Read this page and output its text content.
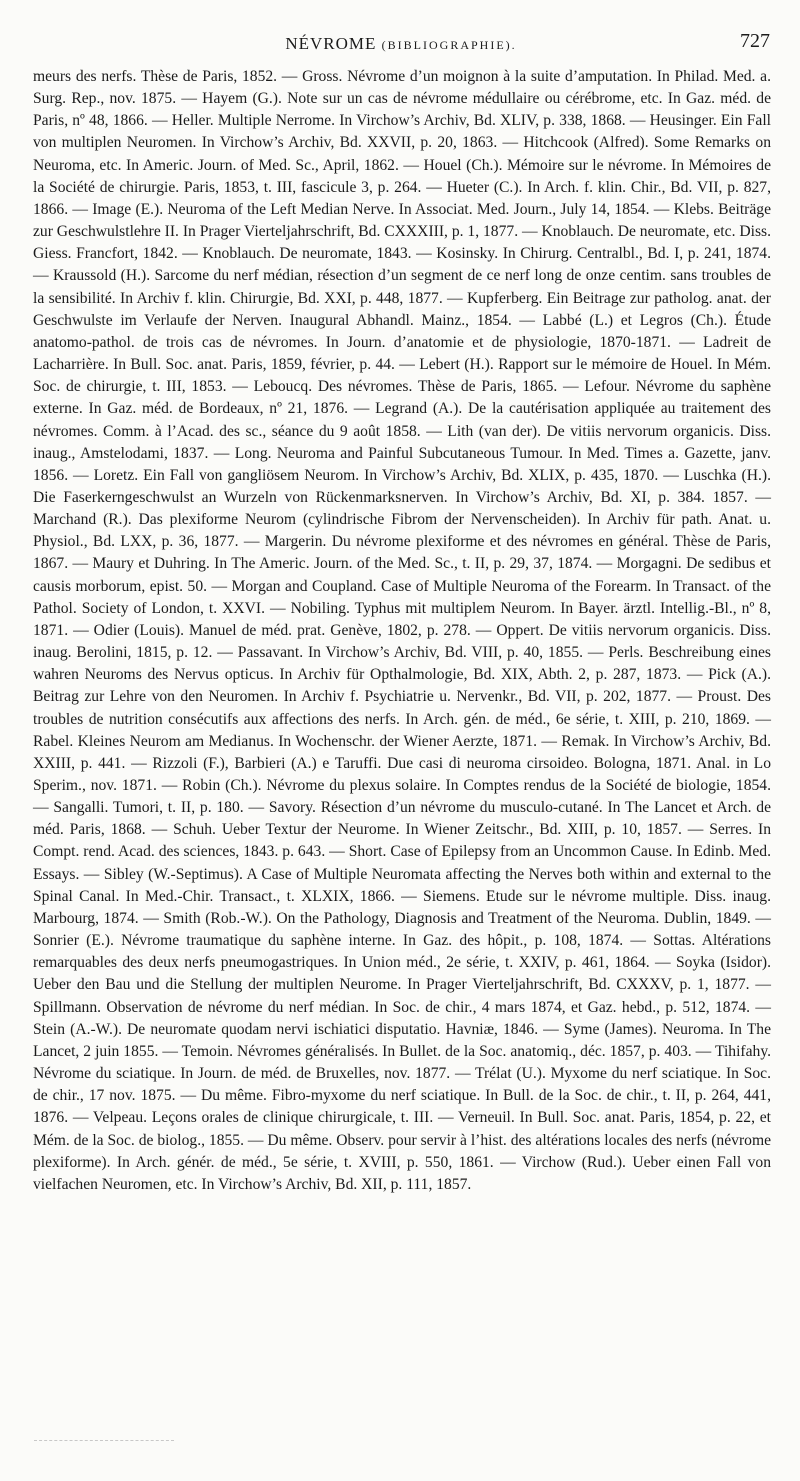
NÉVROME (BIBLIOGRAPHIE).	727

meurs des nerfs. Thèse de Paris, 1852. — Gross. Névrome d’un moignon à la suite d’amputation. In Philad. Med. a. Surg. Rep., nov. 1875. — Hayem (G.). Note sur un cas de névrome médullaire ou cérébrome, etc. In Gaz. méd. de Paris, nº 48, 1866. — Heller. Multiple Nerrome. In Virchow’s Archiv, Bd. XLIV, p. 338, 1868. — Heusinger. Ein Fall von multiplen Neuromen. In Virchow’s Archiv, Bd. XXVII, p. 20, 1863. — Hitchcook (Alfred). Some Remarks on Neuroma, etc. In Americ. Journ. of Med. Sc., April, 1862. — Houel (Ch.). Mémoire sur le névrome. In Mémoires de la Société de chirurgie. Paris, 1853, t. III, fascicule 3, p. 264. — Hueter (C.). In Arch. f. klin. Chir., Bd. VII, p. 827, 1866. — Image (E.). Neuroma of the Left Median Nerve. In Associat. Med. Journ., July 14, 1854. — Klebs. Beiträge zur Geschwulstlehre II. In Prager Vierteljahrschrift, Bd. CXXXIII, p. 1, 1877. — Knoblauch. De neuromate, etc. Diss. Giess. Francfort, 1842. — Knoblauch. De neuromate, 1843. — Kosinsky. In Chirurg. Centralbl., Bd. I, p. 241, 1874. — Kraussold (H.). Sarcome du nerf médian, résection d’un segment de ce nerf long de onze centim. sans troubles de la sensibilité. In Archiv f. klin. Chirurgie, Bd. XXI, p. 448, 1877. — Kupferberg. Ein Beitrage zur patholog. anat. der Geschwulste im Verlaufe der Nerven. Inaugural Abhandl. Mainz., 1854. — Labbé (L.) et Legros (Ch.). Étude anatomo-pathol. de trois cas de névromes. In Journ. d’anatomie et de physiologie, 1870-1871. — Ladreit de Lacharrière. In Bull. Soc. anat. Paris, 1859, février, p. 44. — Lebert (H.). Rapport sur le mémoire de Houel. In Mém. Soc. de chirurgie, t. III, 1853. — Leboucq. Des névromes. Thèse de Paris, 1865. — Lefour. Névrome du saphène externe. In Gaz. méd. de Bordeaux, nº 21, 1876. — Legrand (A.). De la cautérisation appliquée au traitement des névromes. Comm. à l’Acad. des sc., séance du 9 août 1858. — Lith (van der). De vitiis nervorum organicis. Diss. inaug., Amstelodami, 1837. — Long. Neuroma and Painful Subcutaneous Tumour. In Med. Times a. Gazette, janv. 1856. — Loretz. Ein Fall von gangliösem Neurom. In Virchow’s Archiv, Bd. XLIX, p. 435, 1870. — Luschka (H.). Die Faserkerngeschwulst an Wurzeln von Rückenmarksnerven. In Virchow’s Archiv, Bd. XI, p. 384. 1857. — Marchand (R.). Das plexiforme Neurom (cylindrische Fibrom der Nervenscheiden). In Archiv für path. Anat. u. Physiol., Bd. LXX, p. 36, 1877. — Margerin. Du névrome plexiforme et des névromes en général. Thèse de Paris, 1867. — Maury et Duhring. In The Americ. Journ. of the Med. Sc., t. II, p. 29, 37, 1874. — Morgagni. De sedibus et causis morborum, epist. 50. — Morgan and Coupland. Case of Multiple Neuroma of the Forearm. In Transact. of the Pathol. Society of London, t. XXVI. — Nobiling. Typhus mit multiplem Neurom. In Bayer. ärztl. Intellig.-Bl., nº 8, 1871. — Odier (Louis). Manuel de méd. prat. Genève, 1802, p. 278. — Oppert. De vitiis nervorum organicis. Diss. inaug. Berolini, 1815, p. 12. — Passavant. In Virchow’s Archiv, Bd. VIII, p. 40, 1855. — Perls. Beschreibung eines wahren Neuroms des Nervus opticus. In Archiv für Opthalmologie, Bd. XIX, Abth. 2, p. 287, 1873. — Pick (A.). Beitrag zur Lehre von den Neuromen. In Archiv f. Psychiatrie u. Nervenkr., Bd. VII, p. 202, 1877. — Proust. Des troubles de nutrition consécutifs aux affections des nerfs. In Arch. gén. de méd., 6e série, t. XIII, p. 210, 1869. — Rabel. Kleines Neurom am Medianus. In Wochenschr. der Wiener Aerzte, 1871. — Remak. In Virchow’s Archiv, Bd. XXIII, p. 441. — Rizzoli (F.), Barbieri (A.) e Taruffi. Due casi di neuroma cirsoideo. Bologna, 1871. Anal. in Lo Sperim., nov. 1871. — Robin (Ch.). Névrome du plexus solaire. In Comptes rendus de la Société de biologie, 1854. — Sangalli. Tumori, t. II, p. 180. — Savory. Résection d’un névrome du musculo-cutané. In The Lancet et Arch. de méd. Paris, 1868. — Schuh. Ueber Textur der Neurome. In Wiener Zeitschr., Bd. XIII, p. 10, 1857. — Serres. In Compt. rend. Acad. des sciences, 1843. p. 643. — Short. Case of Epilepsy from an Uncommon Cause. In Edinb. Med. Essays. — Sibley (W.-Septimus). A Case of Multiple Neuromata affecting the Nerves both within and external to the Spinal Canal. In Med.-Chir. Transact., t. XLXIX, 1866. — Siemens. Etude sur le névrome multiple. Diss. inaug. Marbourg, 1874. — Smith (Rob.-W.). On the Pathology, Diagnosis and Treatment of the Neuroma. Dublin, 1849. — Sonrier (E.). Névrome traumatique du saphène interne. In Gaz. des hôpit., p. 108, 1874. — Sottas. Altérations remarquables des deux nerfs pneumogastriques. In Union méd., 2e série, t. XXIV, p. 461, 1864. — Soyka (Isidor). Ueber den Bau und die Stellung der multiplen Neurome. In Prager Vierteljahrschrift, Bd. CXXXV, p. 1, 1877. — Spillmann. Observation de névrome du nerf médian. In Soc. de chir., 4 mars 1874, et Gaz. hebd., p. 512, 1874. — Stein (A.-W.). De neuromate quodam nervi ischiatici disputatio. Havniæ, 1846. — Syme (James). Neuroma. In The Lancet, 2 juin 1855. — Temoin. Névromes généralisés. In Bullet. de la Soc. anatomiq., déc. 1857, p. 403. — Tihifahy. Névrome du sciatique. In Journ. de méd. de Bruxelles, nov. 1877. — Trélat (U.). Myxome du nerf sciatique. In Soc. de chir., 17 nov. 1875. — Du même. Fibro-myxome du nerf sciatique. In Bull. de la Soc. de chir., t. II, p. 264, 441, 1876. — Velpeau. Leçons orales de clinique chirurgicale, t. III. — Verneuil. In Bull. Soc. anat. Paris, 1854, p. 22, et Mém. de la Soc. de biolog., 1855. — Du même. Observ. pour servir à l’hist. des altérations locales des nerfs (névrome plexiforme). In Arch. génér. de méd., 5e série, t. XVIII, p. 550, 1861. — Virchow (Rud.). Ueber einen Fall von vielfachen Neuromen, etc. In Virchow’s Archiv, Bd. XII, p. 111, 1857.
